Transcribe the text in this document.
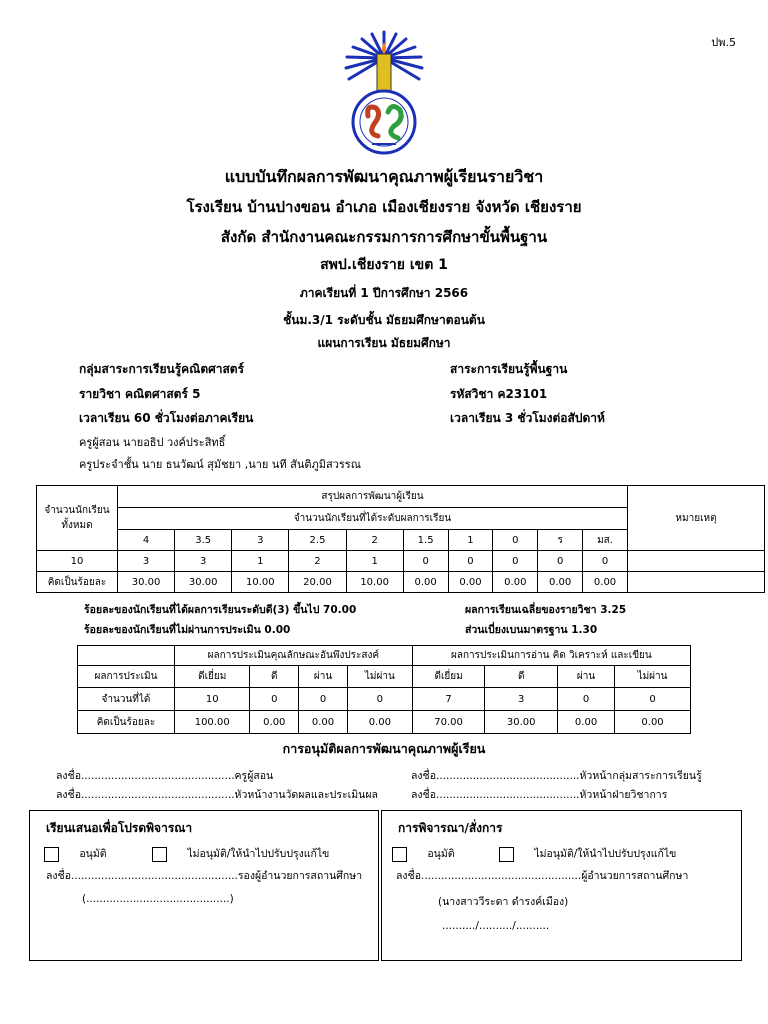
ปพ.5
แบบบันทึกผลการพัฒนาคุณภาพผู้เรียนรายวิชา
โรงเรียน บ้านปางขอน อำเภอ เมืองเชียงราย จังหวัด เชียงราย
สังกัด สำนักงานคณะกรรมการการศึกษาขั้นพื้นฐาน
สพป.เชียงราย เขต 1
ภาคเรียนที่ 1 ปีการศึกษา 2566
ชั้นม.3/1 ระดับชั้น มัธยมศึกษาตอนต้น
แผนการเรียน มัธยมศึกษา
กลุ่มสาระการเรียนรู้คณิตศาสตร์	สาระการเรียนรู้พื้นฐาน
รายวิชา คณิตศาสตร์ 5	รหัสวิชา ค23101
เวลาเรียน 60 ชั่วโมงต่อภาคเรียน	เวลาเรียน 3 ชั่วโมงต่อสัปดาห์
ครูผู้สอน นายอธิป วงค์ประสิทธิ์
ครูประจำชั้น นาย ธนวัฒน์ สุมัชยา ,นาย นที สันติภูมิสวรรณ
จำนวนนักเรียนทั้งหมด	สรุปผลการพัฒนาผู้เรียน										หมายเหตุ
	จำนวนนักเรียนที่ได้ระดับผลการเรียน										
	4	3.5	3	2.5	2	1.5	1	0	ร	มส.	
10	3	3	1	2	1	0	0	0	0	0	
คิดเป็นร้อยละ	30.00	30.00	10.00	20.00	10.00	0.00	0.00	0.00	0.00	0.00	
ร้อยละของนักเรียนที่ได้ผลการเรียนระดับดี(3) ขึ้นไป 70.00	ผลการเรียนเฉลี่ยของรายวิชา 3.25
ร้อยละของนักเรียนที่ไม่ผ่านการประเมิน 0.00	ส่วนเบี่ยงเบนมาตรฐาน 1.30
	ผลการประเมินคุณลักษณะอันพึงประสงค์				ผลการประเมินการอ่าน คิด วิเคราะห์ และเขียน			
ผลการประเมิน	ดีเยี่ยม	ดี	ผ่าน	ไม่ผ่าน	ดีเยี่ยม	ดี	ผ่าน	ไม่ผ่าน
จำนวนที่ได้	10	0	0	0	7	3	0	0
คิดเป็นร้อยละ	100.00	0.00	0.00	0.00	70.00	30.00	0.00	0.00
การอนุมัติผลการพัฒนาคุณภาพผู้เรียน
ลงชื่อ..............................................ครูผู้สอน	ลงชื่อ...........................................หัวหน้ากลุ่มสาระการเรียนรู้
ลงชื่อ..............................................หัวหน้างานวัดผลและประเมินผล	ลงชื่อ...........................................หัวหน้าฝ่ายวิชาการ
เรียนเสนอเพื่อโปรดพิจารณา
อนุมัติ	ไม่อนุมัติ/ให้นำไปปรับปรุงแก้ไข
ลงชื่อ..................................................รองผู้อำนวยการสถานศึกษา
(...........................................)
การพิจารณา/สั่งการ
อนุมัติ	ไม่อนุมัติ/ให้นำไปปรับปรุงแก้ไข
ลงชื่อ................................................ผู้อำนวยการสถานศึกษา
(นางสาววีระดา ดำรงค์เมือง)
........../........../..........
